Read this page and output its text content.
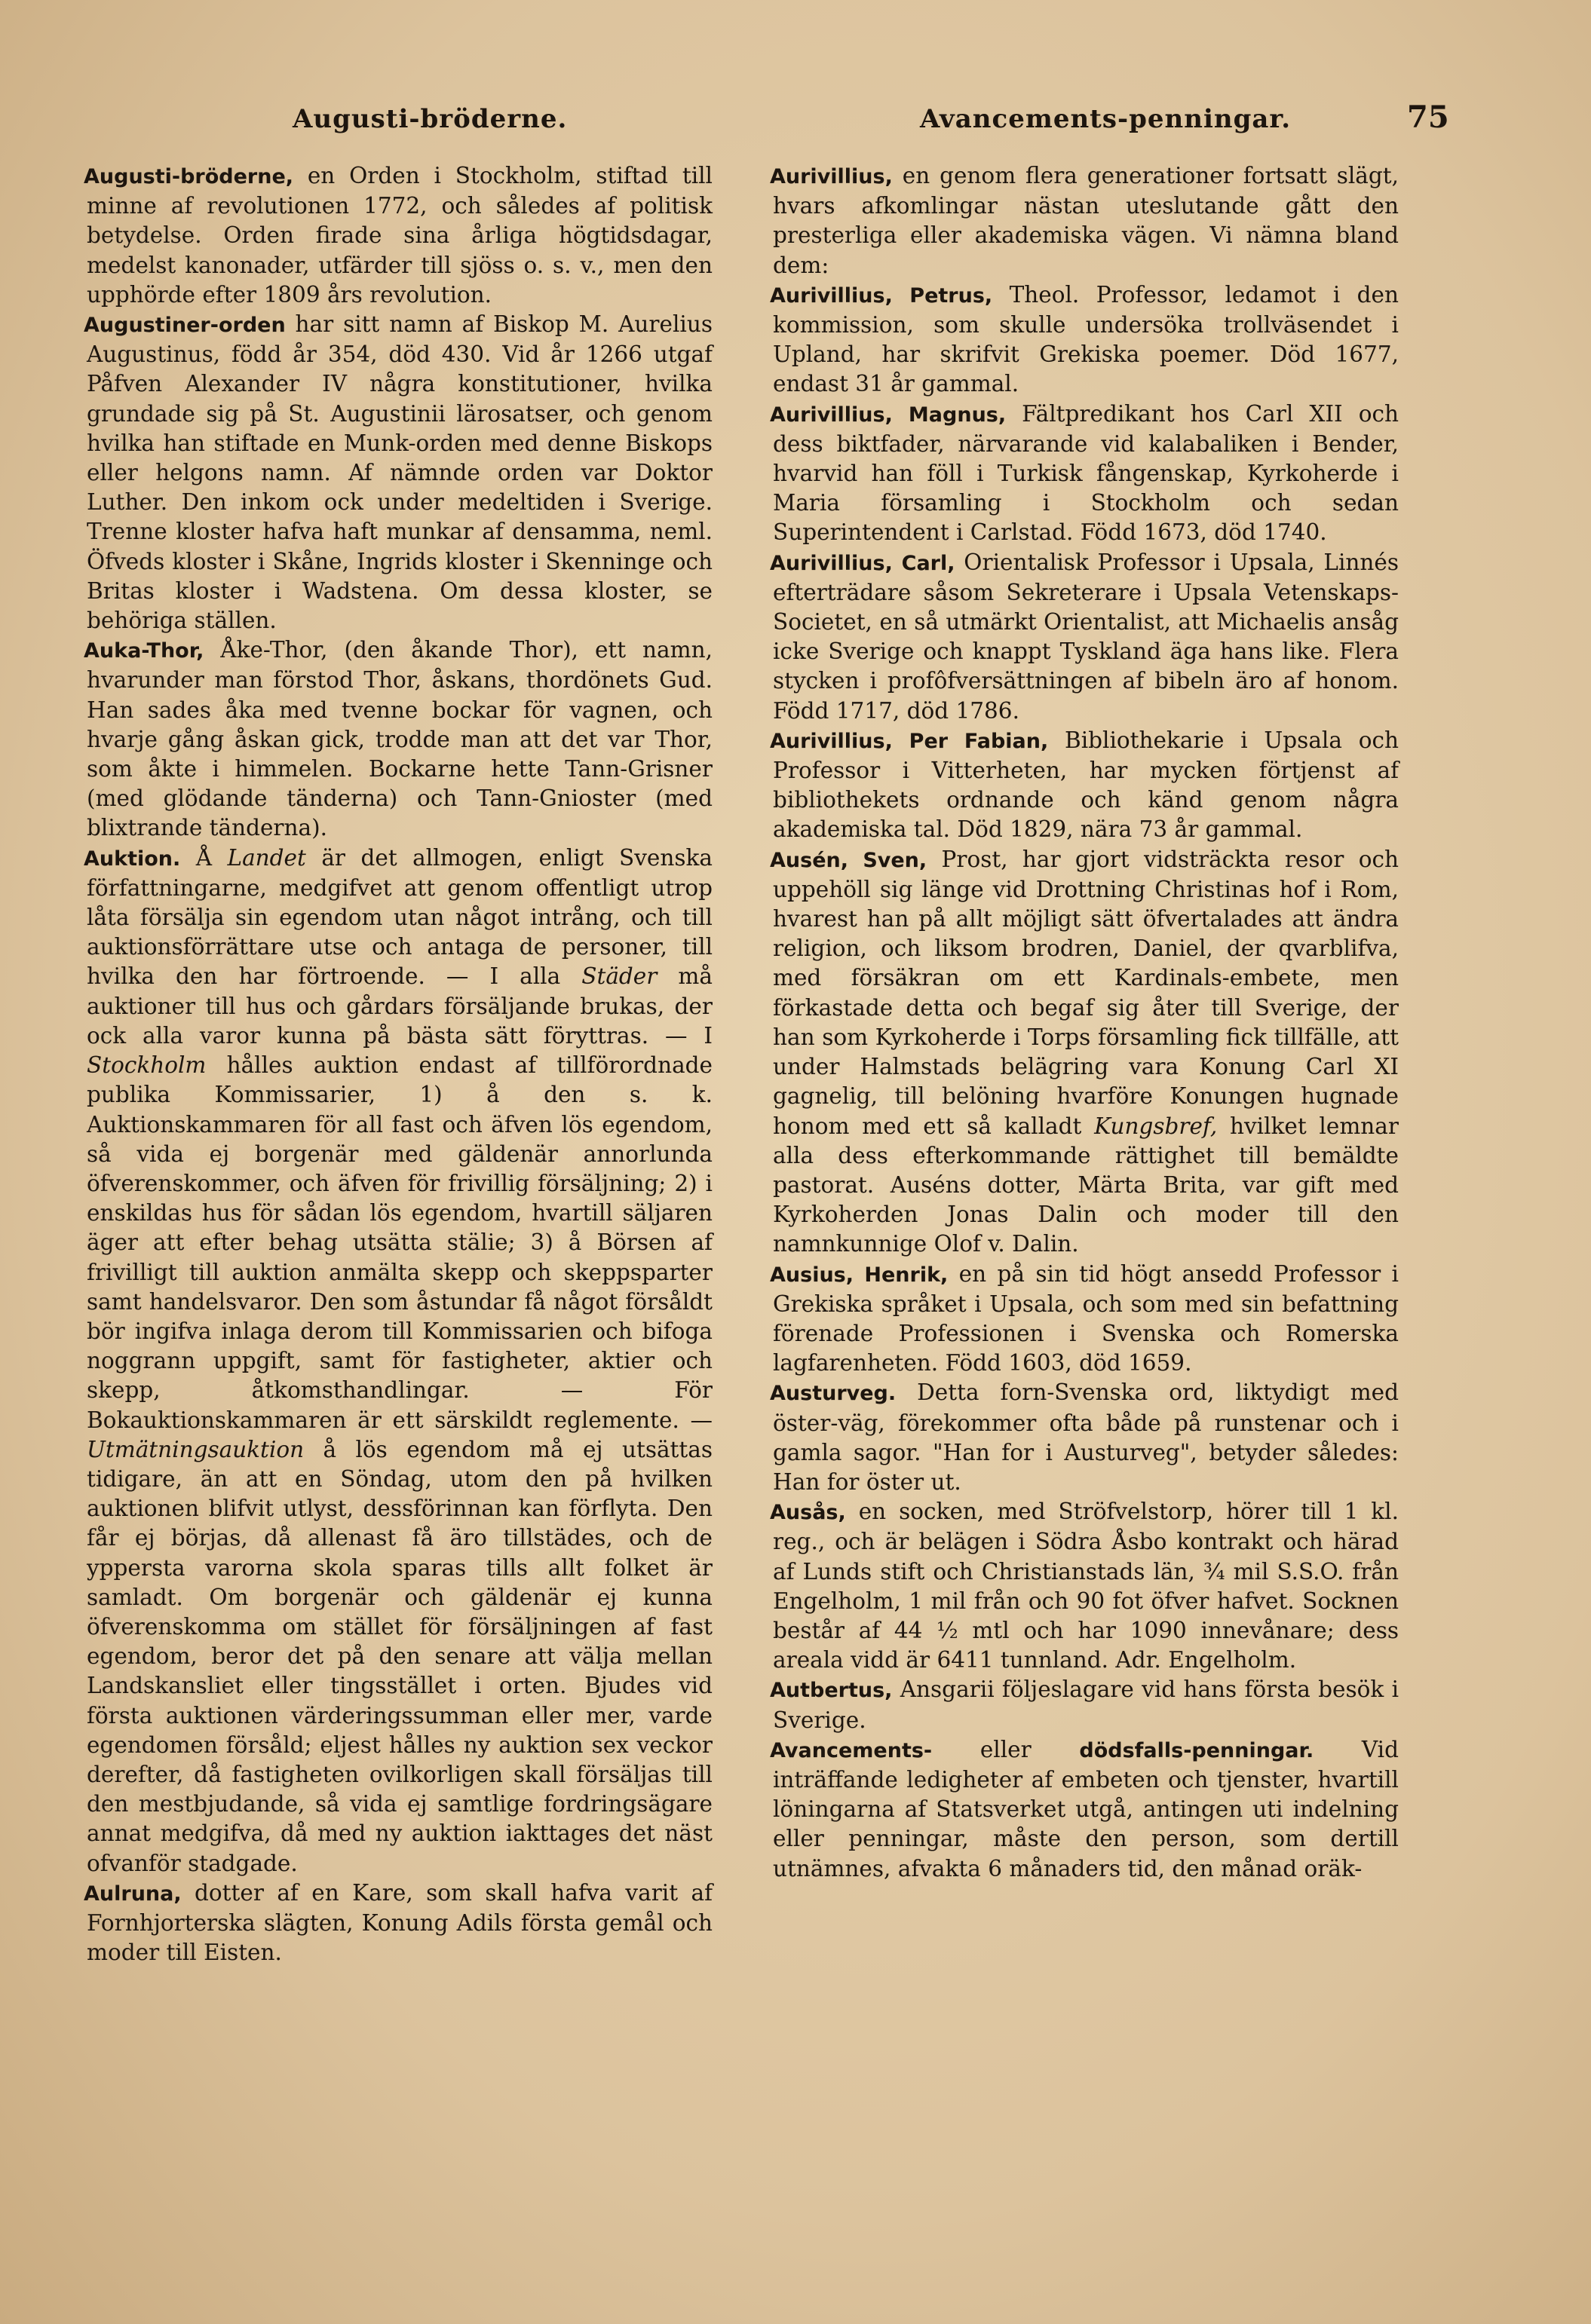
Augusti-bröderne.	Avancements-penningar.	75

Augusti-bröderne, en Orden i Stockholm, stiftad till minne af revolutionen 1772, och således af politisk betydelse. Orden firade sina årliga högtidsdagar, medelst kanonader, utfärder till sjöss o. s. v., men den upphörde efter 1809 års revolution.

Augustiner-orden har sitt namn af Biskop M. Aurelius Augustinus, född år 354, död 430. Vid år 1266 utgaf Påfven Alexander IV några konstitutioner, hvilka grundade sig på St. Augustinii lärosatser, och genom hvilka han stiftade en Munk-orden med denne Biskops eller helgons namn. Af nämnde orden var Doktor Luther. Den inkom ock under medeltiden i Sverige. Trenne kloster hafva haft munkar af densamma, neml. Öfveds kloster i Skåne, Ingrids kloster i Skenninge och Britas kloster i Wadstena. Om dessa kloster, se behöriga ställen.

Auka-Thor, Åke-Thor, (den åkande Thor), ett namn, hvarunder man förstod Thor, åskans, thordönets Gud. Han sades åka med tvenne bockar för vagnen, och hvarje gång åskan gick, trodde man att det var Thor, som åkte i himmelen. Bockarne hette Tann-Grisner (med glödande tänderna) och Tann-Gnioster (med blixtrande tänderna).

Auktion. Å Landet är det allmogen, enligt Svenska författningarne, medgifvet att genom offentligt utrop låta försälja sin egendom utan något intrång, och till auktionsförrättare utse och antaga de personer, till hvilka den har förtroende. — I alla Städer må auktioner till hus och gårdars försäljande brukas, der ock alla varor kunna på bästa sätt föryttras. — I Stockholm hålles auktion endast af tillförordnade publika Kommissarier, 1) å den s. k. Auktionskammaren för all fast och äfven lös egendom, så vida ej borgenär med gäldenär annorlunda öfverenskommer, och äfven för frivillig försäljning; 2) i enskildas hus för sådan lös egendom, hvartill säljaren äger att efter behag utsätta stälie; 3) å Börsen af frivilligt till auktion anmälta skepp och skeppsparter samt handelsvaror. Den som åstundar få något försåldt bör ingifva inlaga derom till Kommissarien och bifoga noggrann uppgift, samt för fastigheter, aktier och skepp, åtkomsthandlingar. — För Bokauktionskammaren är ett särskildt reglemente. — Utmätningsauktion å lös egendom må ej utsättas tidigare, än att en Söndag, utom den på hvilken auktionen blifvit utlyst, dessförinnan kan förflyta. Den får ej börjas, då allenast få äro tillstädes, och de yppersta varorna skola sparas tills allt folket är samladt. Om borgenär och gäldenär ej kunna öfverenskomma om stället för försäljningen af fast egendom, beror det på den senare att välja mellan Landskansliet eller tingsstället i orten. Bjudes vid första auktionen värderingssumman eller mer, varde egendomen försåld; eljest hålles ny auktion sex veckor derefter, då fastigheten ovilkorligen skall försäljas till den mestbjudande, så vida ej samtlige fordringsägare annat medgifva, då med ny auktion iakttages det näst ofvanför stadgade.

Aulruna, dotter af en Kare, som skall hafva varit af Fornhjorterska slägten, Konung Adils första gemål och moder till Eisten.

Aurivillius, en genom flera generationer fortsatt slägt, hvars afkomlingar nästan uteslutande gått den presterliga eller akademiska vägen. Vi nämna bland dem:

Aurivillius, Petrus, Theol. Professor, ledamot i den kommission, som skulle undersöka trollväsendet i Upland, har skrifvit Grekiska poemer. Död 1677, endast 31 år gammal.

Aurivillius, Magnus, Fältpredikant hos Carl XII och dess biktfader, närvarande vid kalabaliken i Bender, hvarvid han föll i Turkisk fångenskap, Kyrkoherde i Maria församling i Stockholm och sedan Superintendent i Carlstad. Född 1673, död 1740.

Aurivillius, Carl, Orientalisk Professor i Upsala, Linnés efterträdare såsom Sekreterare i Upsala Vetenskaps-Societet, en så utmärkt Orientalist, att Michaelis ansåg icke Sverige och knappt Tyskland äga hans like. Flera stycken i profôfversättningen af bibeln äro af honom. Född 1717, död 1786.

Aurivillius, Per Fabian, Bibliothekarie i Upsala och Professor i Vitterheten, har mycken förtjenst af bibliothekets ordnande och känd genom några akademiska tal. Död 1829, nära 73 år gammal.

Ausén, Sven, Prost, har gjort vidsträckta resor och uppehöll sig länge vid Drottning Christinas hof i Rom, hvarest han på allt möjligt sätt öfvertalades att ändra religion, och liksom brodren, Daniel, der qvarblifva, med försäkran om ett Kardinals-embete, men förkastade detta och begaf sig åter till Sverige, der han som Kyrkoherde i Torps församling fick tillfälle, att under Halmstads belägring vara Konung Carl XI gagnelig, till belöning hvarföre Konungen hugnade honom med ett så kalladt Kungsbref, hvilket lemnar alla dess efterkommande rättighet till bemäldte pastorat. Auséns dotter, Märta Brita, var gift med Kyrkoherden Jonas Dalin och moder till den namnkunnige Olof v. Dalin.

Ausius, Henrik, en på sin tid högt ansedd Professor i Grekiska språket i Upsala, och som med sin befattning förenade Professionen i Svenska och Romerska lagfarenheten. Född 1603, död 1659.

Austurveg. Detta forn-Svenska ord, liktydigt med öster-väg, förekommer ofta både på runstenar och i gamla sagor. "Han for i Austurveg", betyder således: Han for öster ut.

Ausås, en socken, med Ströfvelstorp, hörer till 1 kl. reg., och är belägen i Södra Åsbo kontrakt och härad af Lunds stift och Christianstads län, ¾ mil S.S.O. från Engelholm, 1 mil från och 90 fot öfver hafvet. Socknen består af 44 ½ mtl och har 1090 innevånare; dess areala vidd är 6411 tunnland. Adr. Engelholm.

Autbertus, Ansgarii följeslagare vid hans första besök i Sverige.

Avancements- eller dödsfalls-penningar. Vid inträffande ledigheter af embeten och tjenster, hvartill löningarna af Statsverket utgå, antingen uti indelning eller penningar, måste den person, som dertill utnämnes, afvakta 6 månaders tid, den månad oräk-
